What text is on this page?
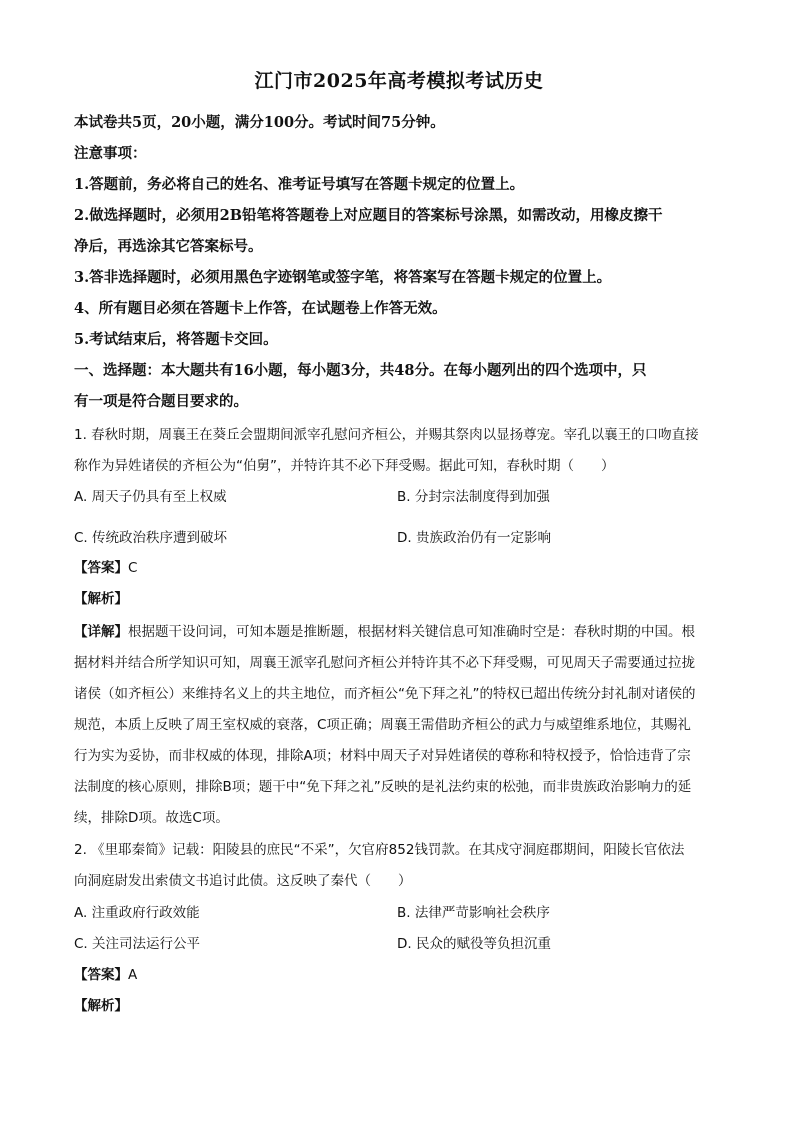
江门市2025年高考模拟考试历史
本试卷共5页，20小题，满分100分。考试时间75分钟。
注意事项：
1.答题前，务必将自己的姓名、准考证号填写在答题卡规定的位置上。
2.做选择题时，必须用2B铅笔将答题卷上对应题目的答案标号涂黑，如需改动，用橡皮擦干
净后，再选涂其它答案标号。
3.答非选择题时，必须用黑色字迹钢笔或签字笔，将答案写在答题卡规定的位置上。
4、所有题目必须在答题卡上作答，在试题卷上作答无效。
5.考试结束后，将答题卡交回。
一、选择题：本大题共有16小题，每小题3分，共48分。在每小题列出的四个选项中，只
有一项是符合题目要求的。
1. 春秋时期，周襄王在葵丘会盟期间派宰孔慰问齐桓公，并赐其祭肉以显扬尊宠。宰孔以襄王的口吻直接
称作为异姓诸侯的齐桓公为“伯舅”，并特许其不必下拜受赐。据此可知，春秋时期（　　）
A. 周天子仍具有至上权威	B. 分封宗法制度得到加强
C. 传统政治秩序遭到破坏	D. 贵族政治仍有一定影响
【答案】C
【解析】
【详解】根据题干设问词，可知本题是推断题，根据材料关键信息可知准确时空是：春秋时期的中国。根
据材料并结合所学知识可知，周襄王派宰孔慰问齐桓公并特许其不必下拜受赐，可见周天子需要通过拉拢
诸侯（如齐桓公）来维持名义上的共主地位，而齐桓公“免下拜之礼”的特权已超出传统分封礼制对诸侯的
规范，本质上反映了周王室权威的衰落，C项正确；周襄王需借助齐桓公的武力与威望维系地位，其赐礼
行为实为妥协，而非权威的体现，排除A项；材料中周天子对异姓诸侯的尊称和特权授予，恰恰违背了宗
法制度的核心原则，排除B项；题干中“免下拜之礼”反映的是礼法约束的松弛，而非贵族政治影响力的延
续，排除D项。故选C项。
2. 《里耶秦简》记载：阳陵县的庶民“不采”，欠官府852钱罚款。在其戍守洞庭郡期间，阳陵长官依法
向洞庭尉发出索债文书追讨此债。这反映了秦代（　　）
A. 注重政府行政效能	B. 法律严苛影响社会秩序
C. 关注司法运行公平	D. 民众的赋役等负担沉重
【答案】A
【解析】
